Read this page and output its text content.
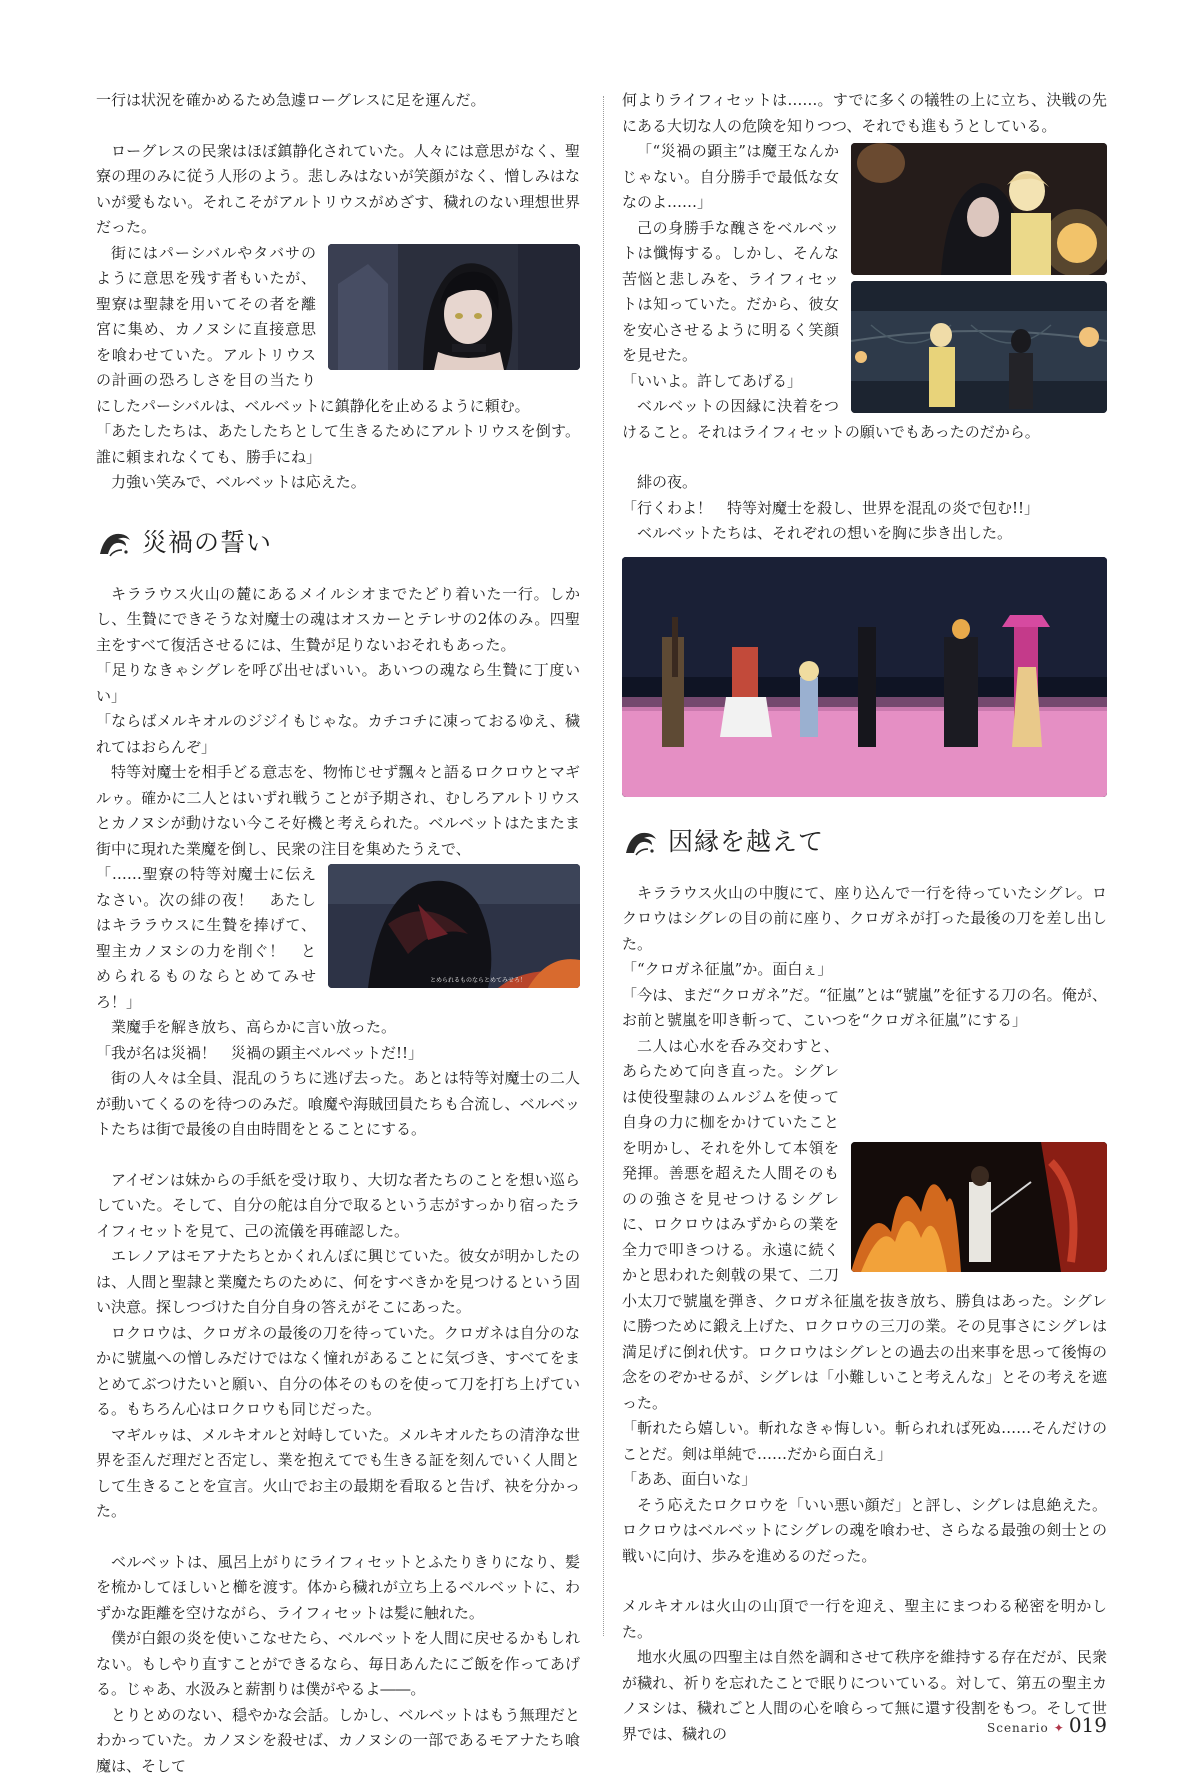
一行は状況を確かめるため急遽ローグレスに足を運んだ。

ローグレスの民衆はほぼ鎮静化されていた。人々には意思がなく、聖寮の理のみに従う人形のよう。悲しみはないが笑顔がなく、憎しみはないが愛もない。それこそがアルトリウスがめざす、穢れのない理想世界だった。

街にはパーシバルやタバサのように意思を残す者もいたが、聖寮は聖隷を用いてその者を離宮に集め、カノヌシに直接意思を喰わせていた。アルトリウスの計画の恐ろしさを目の当たりにしたパーシバルは、ベルベットに鎮静化を止めるように頼む。
「あたしたちは、あたしたちとして生きるためにアルトリウスを倒す。誰に頼まれなくても、勝手にね」

力強い笑みで、ベルベットは応えた。

災禍の誓い

キララウス火山の麓にあるメイルシオまでたどり着いた一行。しかし、生贄にできそうな対魔士の魂はオスカーとテレサの2体のみ。四聖主をすべて復活させるには、生贄が足りないおそれもあった。

「足りなきゃシグレを呼び出せばいい。あいつの魂なら生贄に丁度いい」

「ならばメルキオルのジジイもじゃな。カチコチに凍っておるゆえ、穢れてはおらんぞ」

特等対魔士を相手どる意志を、物怖じせず飄々と語るロクロウとマギルゥ。確かに二人とはいずれ戦うことが予期され、むしろアルトリウスとカノヌシが動けない今こそ好機と考えられた。ベルベットはたまたま街中に現れた業魔を倒し、民衆の注目を集めたうえで、
とめられるものならとめてみせろ！

「……聖寮の特等対魔士に伝えなさい。次の緋の夜！　あたしはキララウスに生贄を捧げて、聖主カノヌシの力を削ぐ！　とめられるものならとめてみせろ！」

業魔手を解き放ち、高らかに言い放った。

「我が名は災禍！　災禍の顕主ベルベットだ!!」

街の人々は全員、混乱のうちに逃げ去った。あとは特等対魔士の二人が動いてくるのを待つのみだ。喰魔や海賊団員たちも合流し、ベルベットたちは街で最後の自由時間をとることにする。

アイゼンは妹からの手紙を受け取り、大切な者たちのことを想い巡らしていた。そして、自分の舵は自分で取るという志がすっかり宿ったライフィセットを見て、己の流儀を再確認した。

エレノアはモアナたちとかくれんぼに興じていた。彼女が明かしたのは、人間と聖隷と業魔たちのために、何をすべきかを見つけるという固い決意。探しつづけた自分自身の答えがそこにあった。

ロクロウは、クロガネの最後の刀を待っていた。クロガネは自分のなかに號嵐への憎しみだけではなく憧れがあることに気づき、すべてをまとめてぶつけたいと願い、自分の体そのものを使って刀を打ち上げている。もちろん心はロクロウも同じだった。

マギルゥは、メルキオルと対峙していた。メルキオルたちの清浄な世界を歪んだ理だと否定し、業を抱えてでも生きる証を刻んでいく人間として生きることを宣言。火山でお主の最期を看取ると告げ、袂を分かった。

ベルベットは、風呂上がりにライフィセットとふたりきりになり、髪を梳かしてほしいと櫛を渡す。体から穢れが立ち上るベルベットに、わずかな距離を空けながら、ライフィセットは髪に触れた。

僕が白銀の炎を使いこなせたら、ベルベットを人間に戻せるかもしれない。もしやり直すことができるなら、毎日あんたにご飯を作ってあげる。じゃあ、水汲みと薪割りは僕がやるよ――。

とりとめのない、穏やかな会話。しかし、ベルベットはもう無理だとわかっていた。カノヌシを殺せば、カノヌシの一部であるモアナたち喰魔は、そして

何よりライフィセットは……。すでに多くの犠牲の上に立ち、決戦の先にある大切な人の危険を知りつつ、それでも進もうとしている。

「“災禍の顕主”は魔王なんかじゃない。自分勝手で最低な女なのよ……」

己の身勝手な醜さをベルベットは懺悔する。しかし、そんな苦悩と悲しみを、ライフィセットは知っていた。だから、彼女を安心させるように明るく笑顔を見せた。

「いいよ。許してあげる」

ベルベットの因縁に決着をつけること。それはライフィセットの願いでもあったのだから。

緋の夜。

「行くわよ！　特等対魔士を殺し、世界を混乱の炎で包む!!」

ベルベットたちは、それぞれの想いを胸に歩き出した。

因縁を越えて

キララウス火山の中腹にて、座り込んで一行を待っていたシグレ。ロクロウはシグレの目の前に座り、クロガネが打った最後の刀を差し出した。

「“クロガネ征嵐”か。面白ぇ」

「今は、まだ“クロガネ”だ。“征嵐”とは“號嵐”を征する刀の名。俺が、お前と號嵐を叩き斬って、こいつを“クロガネ征嵐”にする」

二人は心水を呑み交わすと、あらためて向き直った。シグレは使役聖隷のムルジムを使って自身の力に枷をかけていたことを明かし、それを外して本領を発揮。善悪を超えた人間そのものの強さを見せつけるシグレに、ロクロウはみずからの業を全力で叩きつける。永遠に続くかと思われた剣戟の果て、二刀小太刀で號嵐を弾き、クロガネ征嵐を抜き放ち、勝負はあった。シグレに勝つために鍛え上げた、ロクロウの三刀の業。その見事さにシグレは満足げに倒れ伏す。ロクロウはシグレとの過去の出来事を思って後悔の念をのぞかせるが、シグレは「小難しいこと考えんな」とその考えを遮った。

「斬れたら嬉しい。斬れなきゃ悔しい。斬られれば死ぬ……そんだけのことだ。剣は単純で……だから面白え」

「ああ、面白いな」

そう応えたロクロウを「いい悪い顔だ」と評し、シグレは息絶えた。ロクロウはベルベットにシグレの魂を喰わせ、さらなる最強の剣士との戦いに向け、歩みを進めるのだった。

メルキオルは火山の山頂で一行を迎え、聖主にまつわる秘密を明かした。

地水火風の四聖主は自然を調和させて秩序を維持する存在だが、民衆が穢れ、祈りを忘れたことで眠りについている。対して、第五の聖主カノヌシは、穢れごと人間の心を喰らって無に還す役割をもつ。そして世界では、穢れの	Scenario ✦ 019
